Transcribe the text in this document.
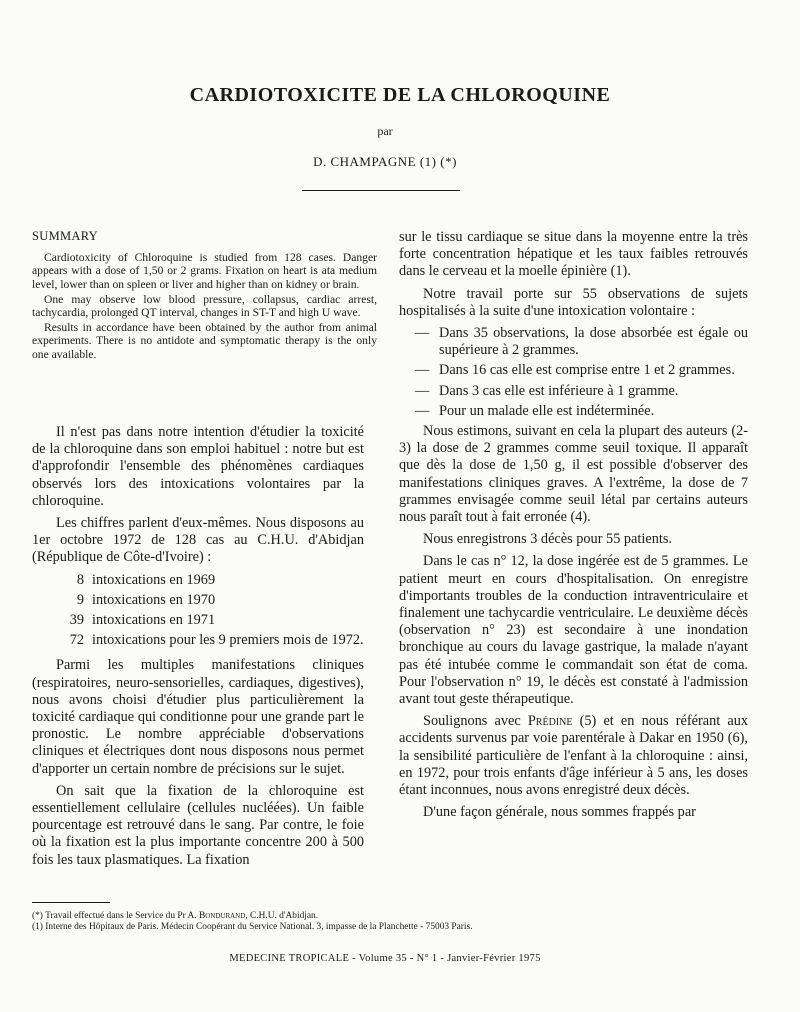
CARDIOTOXICITE DE LA CHLOROQUINE
par
D. CHAMPAGNE (1) (*)
SUMMARY

Cardiotoxicity of Chloroquine is studied from 128 cases. Danger appears with a dose of 1,50 or 2 grams. Fixation on heart is ata medium level, lower than on spleen or liver and higher than on kidney or brain.

One may observe low blood pressure, collapsus, cardiac arrest, tachycardia, prolonged QT interval, changes in ST-T and high U wave.

Results in accordance have been obtained by the author from animal experiments. There is no antidote and symptomatic therapy is the only one available.

Il n'est pas dans notre intention d'étudier la toxicité de la chloroquine dans son emploi habituel : notre but est d'approfondir l'ensemble des phénomènes cardiaques observés lors des intoxications volontaires par la chloroquine.

Les chiffres parlent d'eux-mêmes. Nous disposons au 1er octobre 1972 de 128 cas au C.H.U. d'Abidjan (République de Côte-d'Ivoire) :

8 intoxications en 1969
9 intoxications en 1970
39 intoxications en 1971
72 intoxications pour les 9 premiers mois de 1972.

Parmi les multiples manifestations cliniques (respiratoires, neuro-sensorielles, cardiaques, digestives), nous avons choisi d'étudier plus particulièrement la toxicité cardiaque qui conditionne pour une grande part le pronostic. Le nombre appréciable d'observations cliniques et électriques dont nous disposons nous permet d'apporter un certain nombre de précisions sur le sujet.

On sait que la fixation de la chloroquine est essentiellement cellulaire (cellules nucléées). Un faible pourcentage est retrouvé dans le sang. Par contre, le foie où la fixation est la plus importante concentre 200 à 500 fois les taux plasmatiques. La fixation

sur le tissu cardiaque se situe dans la moyenne entre la très forte concentration hépatique et les taux faibles retrouvés dans le cerveau et la moelle épinière (1).

Notre travail porte sur 55 observations de sujets hospitalisés à la suite d'une intoxication volontaire :

— Dans 35 observations, la dose absorbée est égale ou supérieure à 2 grammes.
— Dans 16 cas elle est comprise entre 1 et 2 grammes.
— Dans 3 cas elle est inférieure à 1 gramme.
— Pour un malade elle est indéterminée.

Nous estimons, suivant en cela la plupart des auteurs (2-3) la dose de 2 grammes comme seuil toxique. Il apparaît que dès la dose de 1,50 g, il est possible d'observer des manifestations cliniques graves. A l'extrême, la dose de 7 grammes envisagée comme seuil létal par certains auteurs nous paraît tout à fait erronée (4).

Nous enregistrons 3 décès pour 55 patients.

Dans le cas n° 12, la dose ingérée est de 5 grammes. Le patient meurt en cours d'hospitalisation. On enregistre d'importants troubles de la conduction intraventriculaire et finalement une tachycardie ventriculaire. Le deuxième décès (observation n° 23) est secondaire à une inondation bronchique au cours du lavage gastrique, la malade n'ayant pas été intubée comme le commandait son état de coma. Pour l'observation n° 19, le décès est constaté à l'admission avant tout geste thérapeutique.

Soulignons avec Prédine (5) et en nous référant aux accidents survenus par voie parentérale à Dakar en 1950 (6), la sensibilité particulière de l'enfant à la chloroquine : ainsi, en 1972, pour trois enfants d'âge inférieur à 5 ans, les doses étant inconnues, nous avons enregistré deux décès.

D'une façon générale, nous sommes frappés par

(*) Travail effectué dans le Service du Pr A. Bondurand, C.H.U. d'Abidjan.
(1) Interne des Hôpitaux de Paris. Médecin Coopérant du Service National. 3, impasse de la Planchette - 75003 Paris.
MEDECINE TROPICALE - Volume 35 - N° 1 - Janvier-Février 1975
